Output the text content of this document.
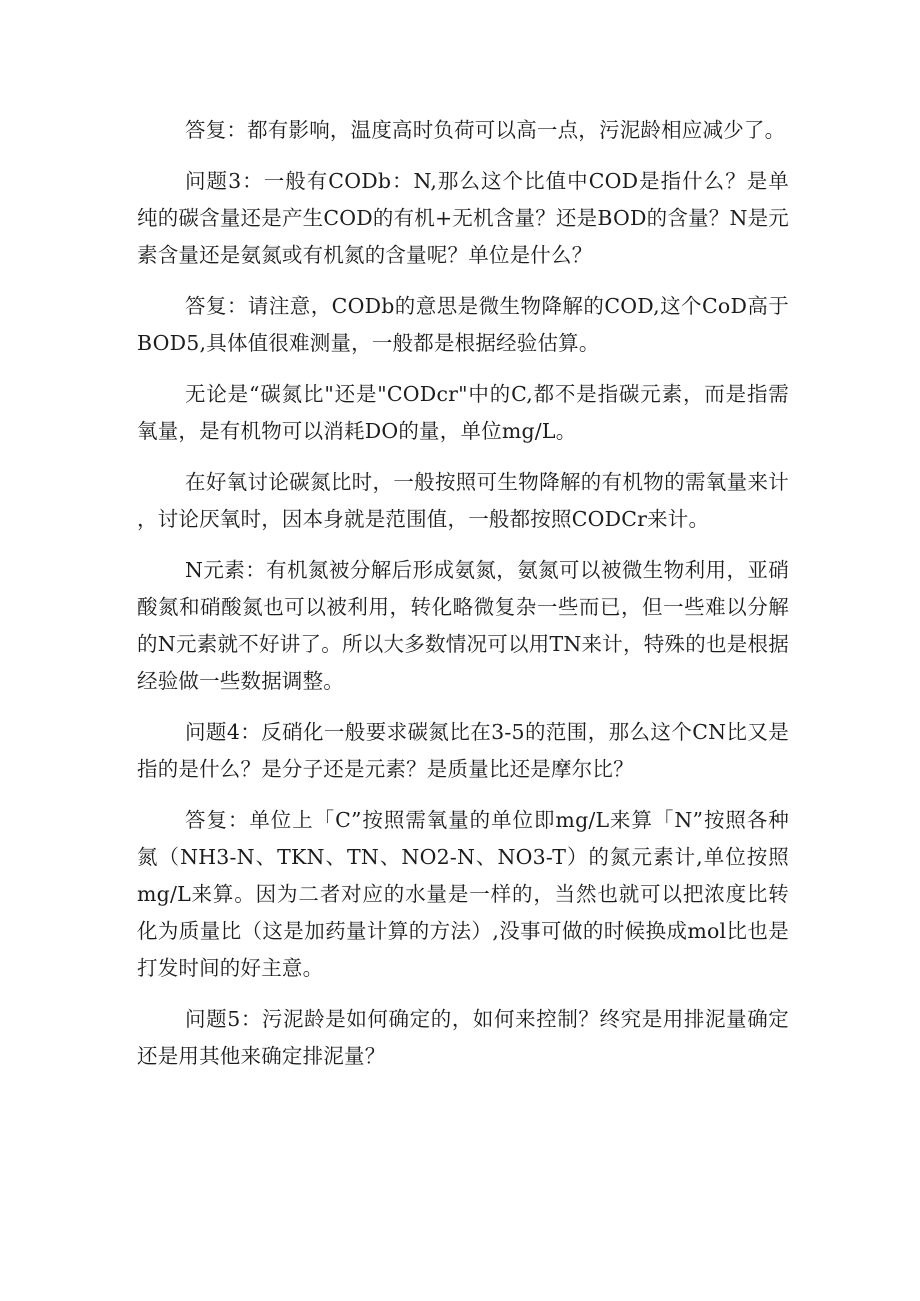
答复：都有影响，温度高时负荷可以高一点，污泥龄相应减少了。

问题3：一般有CODb：N,那么这个比值中COD是指什么？是单纯的碳含量还是产生COD的有机+无机含量？还是BOD的含量？N是元素含量还是氨氮或有机氮的含量呢？单位是什么？

答复：请注意，CODb的意思是微生物降解的COD,这个CoD高于BOD5,具体值很难测量，一般都是根据经验估算。

无论是“碳氮比"还是"CODcr"中的C,都不是指碳元素，而是指需氧量，是有机物可以消耗DO的量，单位mg/L。

在好氧讨论碳氮比时，一般按照可生物降解的有机物的需氧量来计，讨论厌氧时，因本身就是范围值，一般都按照CODCr来计。

N元素：有机氮被分解后形成氨氮，氨氮可以被微生物利用，亚硝酸氮和硝酸氮也可以被利用，转化略微复杂一些而已，但一些难以分解的N元素就不好讲了。所以大多数情况可以用TN来计，特殊的也是根据经验做一些数据调整。

问题4：反硝化一般要求碳氮比在3-5的范围，那么这个CN比又是指的是什么？是分子还是元素？是质量比还是摩尔比？

答复：单位上「C”按照需氧量的单位即mg/L来算「N”按照各种氮（NH3-N、TKN、TN、NO2-N、NO3-T）的氮元素计,单位按照mg/L来算。因为二者对应的水量是一样的，当然也就可以把浓度比转化为质量比（这是加药量计算的方法）,没事可做的时候换成mol比也是打发时间的好主意。

问题5：污泥龄是如何确定的，如何来控制？终究是用排泥量确定还是用其他来确定排泥量？
